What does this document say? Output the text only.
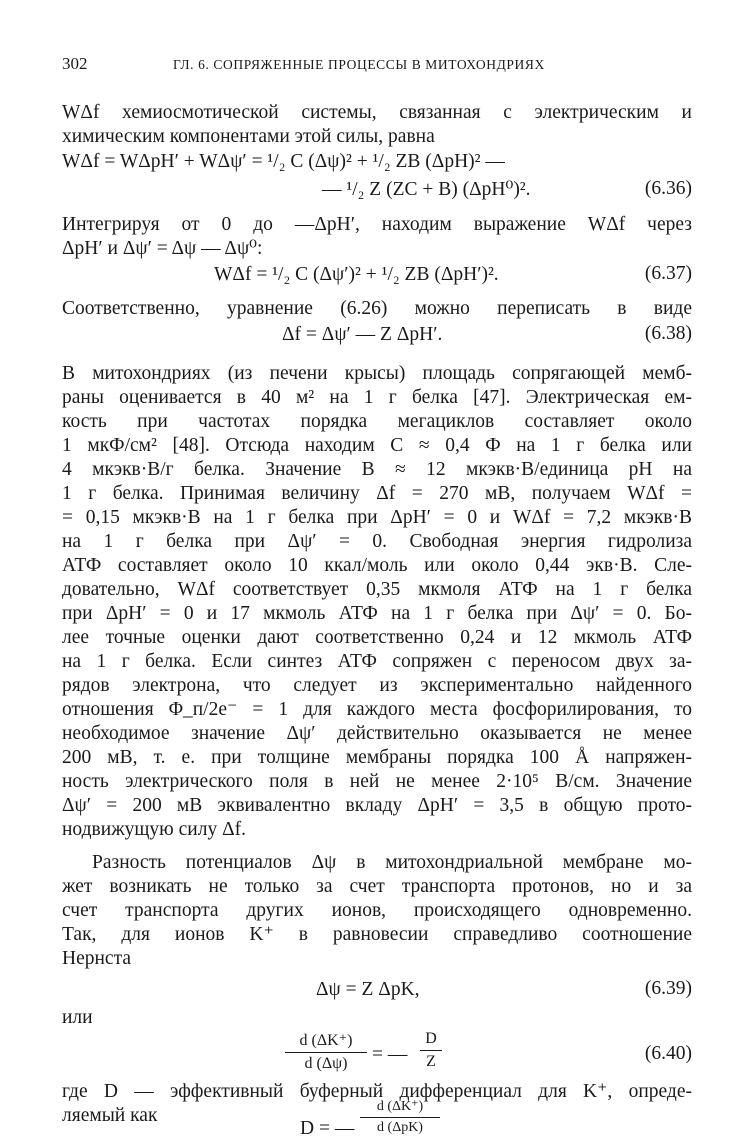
302	ГЛ. 6. СОПРЯЖЕННЫЕ ПРОЦЕССЫ В МИТОХОНДРИЯХ
WΔf хемиосмотической системы, связанная с электрическим и
химическим компонентами этой силы, равна
WΔf = WΔpH′ + WΔψ′ = ¹/₂ C (Δψ)² + ¹/₂ ZB (ΔpH)² —
— ¹/₂ Z (ZC + B) (ΔpH⁰)².	(6.36)
Интегрируя от 0 до —ΔpH′, находим выражение WΔf через
ΔpH′ и Δψ′ = Δψ — Δψ⁰:
WΔf = ¹/₂ C (Δψ′)² + ¹/₂ ZB (ΔpH′)².	(6.37)
Соответственно, уравнение (6.26) можно переписать в виде
Δf = Δψ′ — Z ΔpH′.	(6.38)
В митохондриях (из печени крысы) площадь сопрягающей мемб-
раны оценивается в 40 м² на 1 г белка [47]. Электрическая ем-
кость при частотах порядка мегациклов составляет около
1 мкФ/см² [48]. Отсюда находим C ≈ 0,4 Ф на 1 г белка или
4 мкэкв·В/г белка. Значение B ≈ 12 мкэкв·В/единица pH на
1 г белка. Принимая величину Δf = 270 мВ, получаем WΔf =
= 0,15 мкэкв·В на 1 г белка при ΔpH′ = 0 и WΔf = 7,2 мкэкв·В
на 1 г белка при Δψ′ = 0. Свободная энергия гидролиза
АТФ составляет около 10 ккал/моль или около 0,44 экв·В. Сле-
довательно, WΔf соответствует 0,35 мкмоля АТФ на 1 г белка
при ΔpH′ = 0 и 17 мкмоль АТФ на 1 г белка при Δψ′ = 0. Бо-
лее точные оценки дают соответственно 0,24 и 12 мкмоль АТФ
на 1 г белка. Если синтез АТФ сопряжен с переносом двух за-
рядов электрона, что следует из экспериментально найденного
отношения Φ_п/2e⁻ = 1 для каждого места фосфорилирования, то
необходимое значение Δψ′ действительно оказывается не менее
200 мВ, т. е. при толщине мембраны порядка 100 Å напряжен-
ность электрического поля в ней не менее 2·10⁵ В/см. Значение
Δψ′ = 200 мВ эквивалентно вкладу ΔpH′ = 3,5 в общую прото-
нодвижущую силу Δf.
Разность потенциалов Δψ в митохондриальной мембране мо-
жет возникать не только за счет транспорта протонов, но и за
счет транспорта других ионов, происходящего одновременно.
Так, для ионов K⁺ в равновесии справедливо соотношение
Нернста
Δψ = Z ΔpK,	(6.39)
или
d (ΔK⁺)
d (Δψ)	= —
D
Z	(6.40)
где D — эффективный буферный дифференциал для K⁺, опреде-
ляемый как
D = —
d (ΔK⁺)
d (ΔpK)
